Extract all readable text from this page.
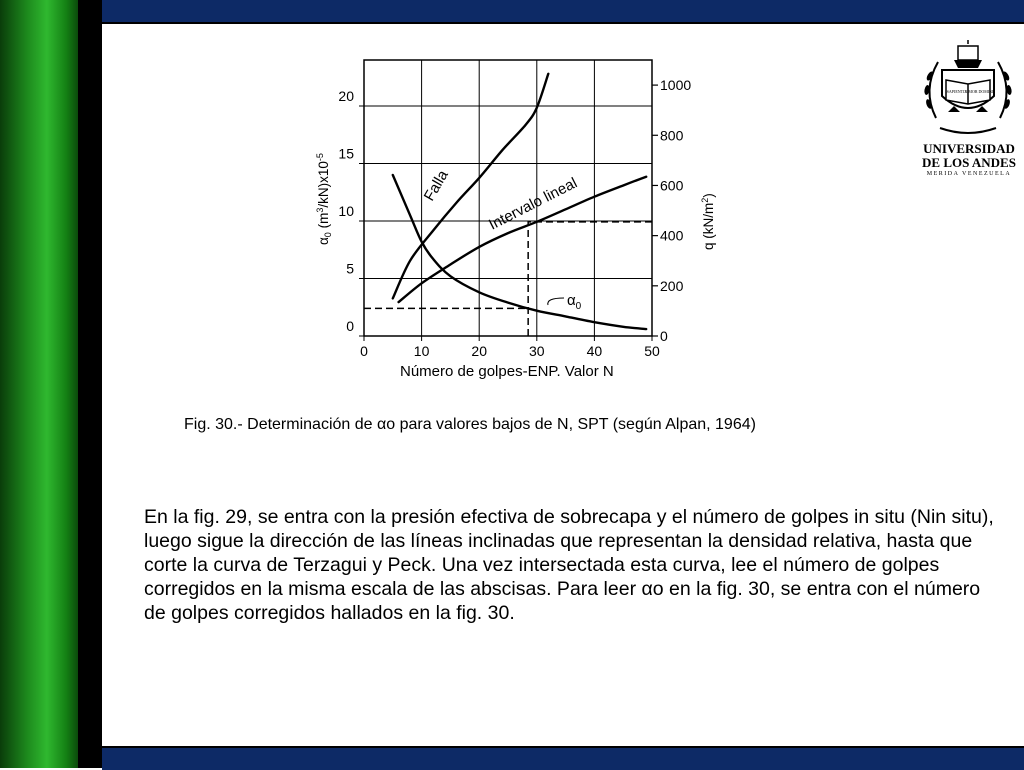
0	10	20	30	40	50
0
5
10
15
20
0
200
400
600
800
1000
Falla Intervalo lineal
$\alpha_0$
$\alpha_0$ $(m^3/kN)x10^{-5}$
q $(kN/m^2)$
Número de golpes-ENP. Valor N
Fig. 30.- Determinación de αo para valores bajos de N, SPT (según Alpan, 1964)
En la fig. 29, se entra con la presión efectiva de sobrecapa y el número de golpes in situ (Nin situ), luego sigue la dirección de las líneas inclinadas que representan la densidad relativa, hasta que corte la curva de Terzagui y Peck. Una vez intersectada esta curva, lee el número de golpes corregidos en la misma escala de las abscisas. Para leer αo en la fig. 30, se entra con el número de golpes corregidos hallados en la fig. 30.
SAPIENTIA
TIMOR DOMINI
UNIVERSIDAD
DE LOS ANDES
MERIDA VENEZUELA
